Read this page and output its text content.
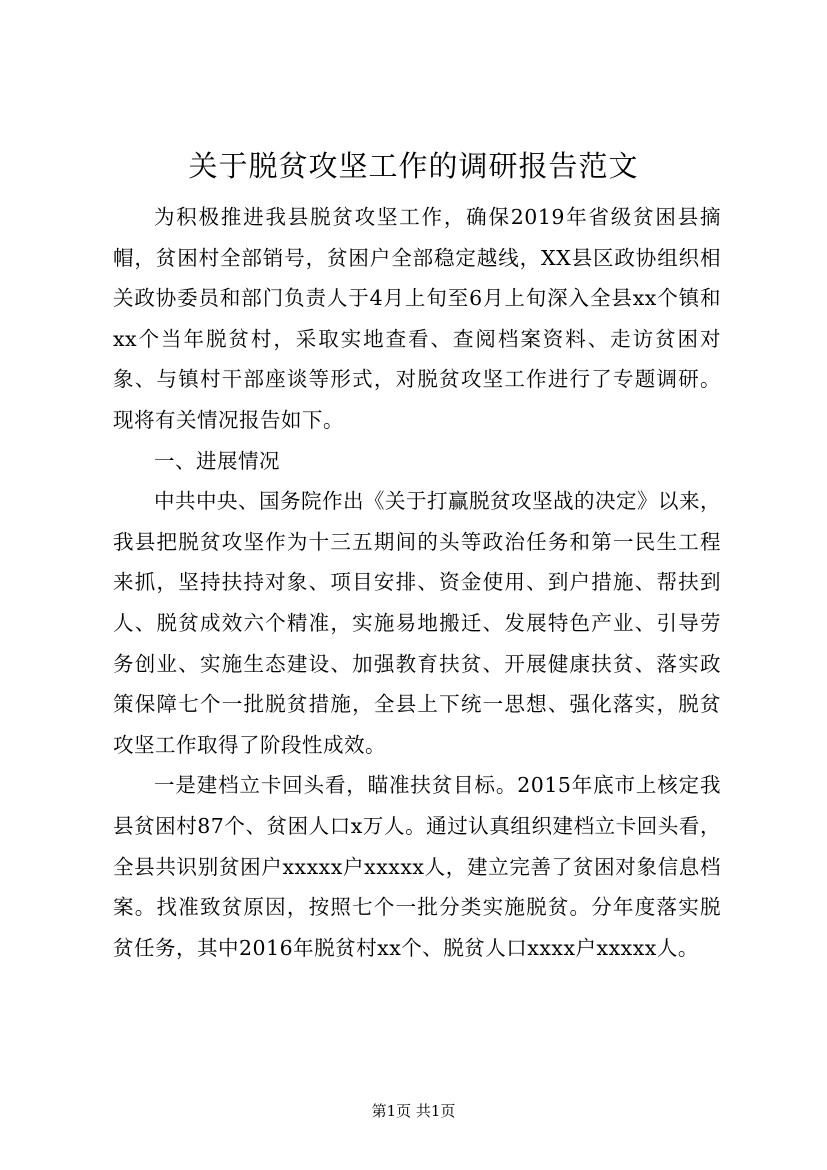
关于脱贫攻坚工作的调研报告范文

为积极推进我县脱贫攻坚工作，确保2019年省级贫困县摘帽，贫困村全部销号，贫困户全部稳定越线，XX县区政协组织相关政协委员和部门负责人于4月上旬至6月上旬深入全县xx个镇和xx个当年脱贫村，采取实地查看、查阅档案资料、走访贫困对象、与镇村干部座谈等形式，对脱贫攻坚工作进行了专题调研。现将有关情况报告如下。

一、进展情况

中共中央、国务院作出《关于打赢脱贫攻坚战的决定》以来，我县把脱贫攻坚作为十三五期间的头等政治任务和第一民生工程来抓，坚持扶持对象、项目安排、资金使用、到户措施、帮扶到人、脱贫成效六个精准，实施易地搬迁、发展特色产业、引导劳务创业、实施生态建设、加强教育扶贫、开展健康扶贫、落实政策保障七个一批脱贫措施，全县上下统一思想、强化落实，脱贫攻坚工作取得了阶段性成效。

一是建档立卡回头看，瞄准扶贫目标。2015年底市上核定我县贫困村87个、贫困人口x万人。通过认真组织建档立卡回头看，全县共识别贫困户xxxxx户xxxxx人，建立完善了贫困对象信息档案。找准致贫原因，按照七个一批分类实施脱贫。分年度落实脱贫任务，其中2016年脱贫村xx个、脱贫人口xxxx户xxxxx人。

第1页 共1页
